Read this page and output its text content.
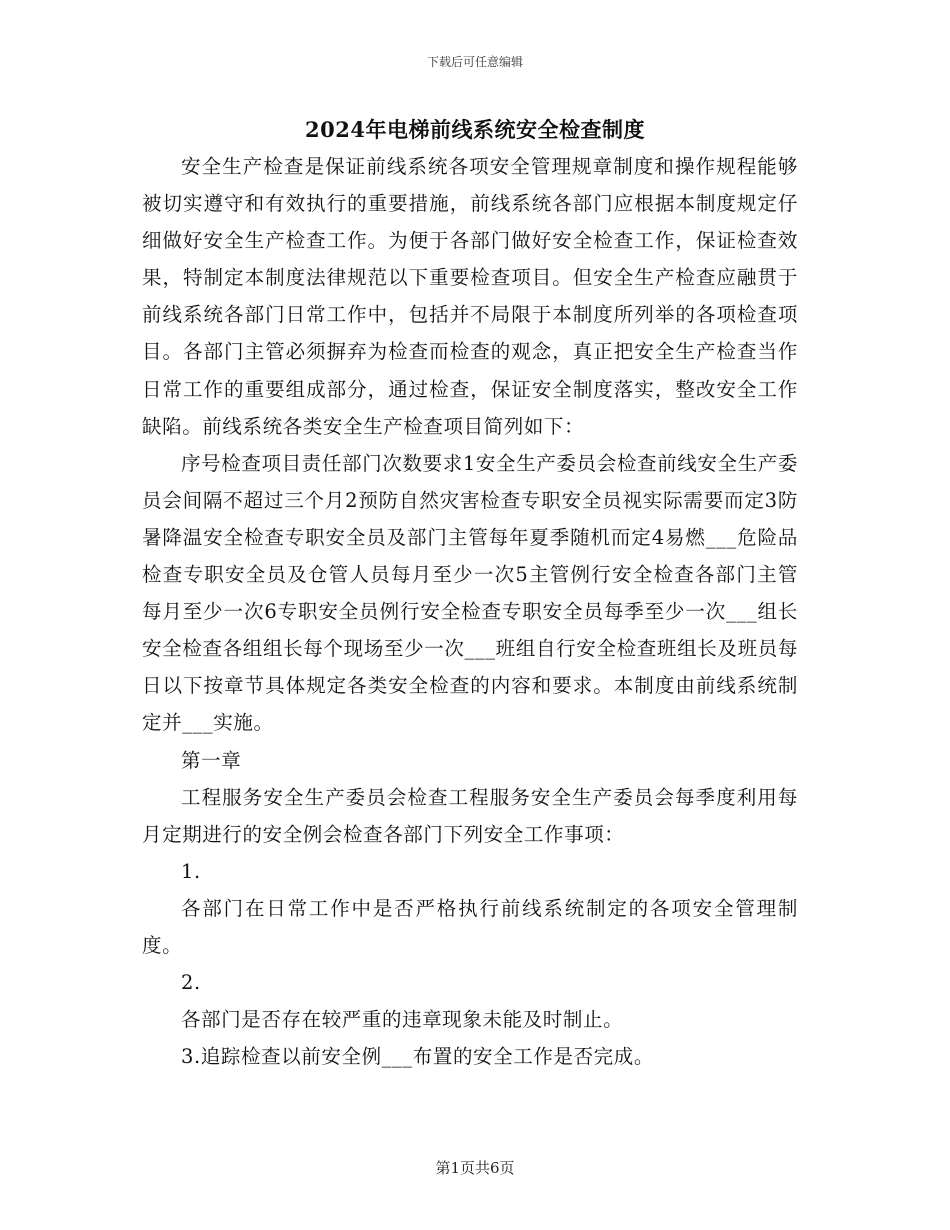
下载后可任意编辑
2024年电梯前线系统安全检查制度

安全生产检查是保证前线系统各项安全管理规章制度和操作规程能够被切实遵守和有效执行的重要措施，前线系统各部门应根据本制度规定仔细做好安全生产检查工作。为便于各部门做好安全检查工作，保证检查效果，特制定本制度法律规范以下重要检查项目。但安全生产检查应融贯于前线系统各部门日常工作中，包括并不局限于本制度所列举的各项检查项目。各部门主管必须摒弃为检查而检查的观念，真正把安全生产检查当作日常工作的重要组成部分，通过检查，保证安全制度落实，整改安全工作缺陷。前线系统各类安全生产检查项目简列如下：

序号检查项目责任部门次数要求1安全生产委员会检查前线安全生产委员会间隔不超过三个月2预防自然灾害检查专职安全员视实际需要而定3防暑降温安全检查专职安全员及部门主管每年夏季随机而定4易燃___危险品检查专职安全员及仓管人员每月至少一次5主管例行安全检查各部门主管每月至少一次6专职安全员例行安全检查专职安全员每季至少一次___组长安全检查各组组长每个现场至少一次___班组自行安全检查班组长及班员每日以下按章节具体规定各类安全检查的内容和要求。本制度由前线系统制定并___实施。

第一章

工程服务安全生产委员会检查工程服务安全生产委员会每季度利用每月定期进行的安全例会检查各部门下列安全工作事项：

1.

各部门在日常工作中是否严格执行前线系统制定的各项安全管理制度。

2.

各部门是否存在较严重的违章现象未能及时制止。

3.追踪检查以前安全例___布置的安全工作是否完成。

第1页共6页
